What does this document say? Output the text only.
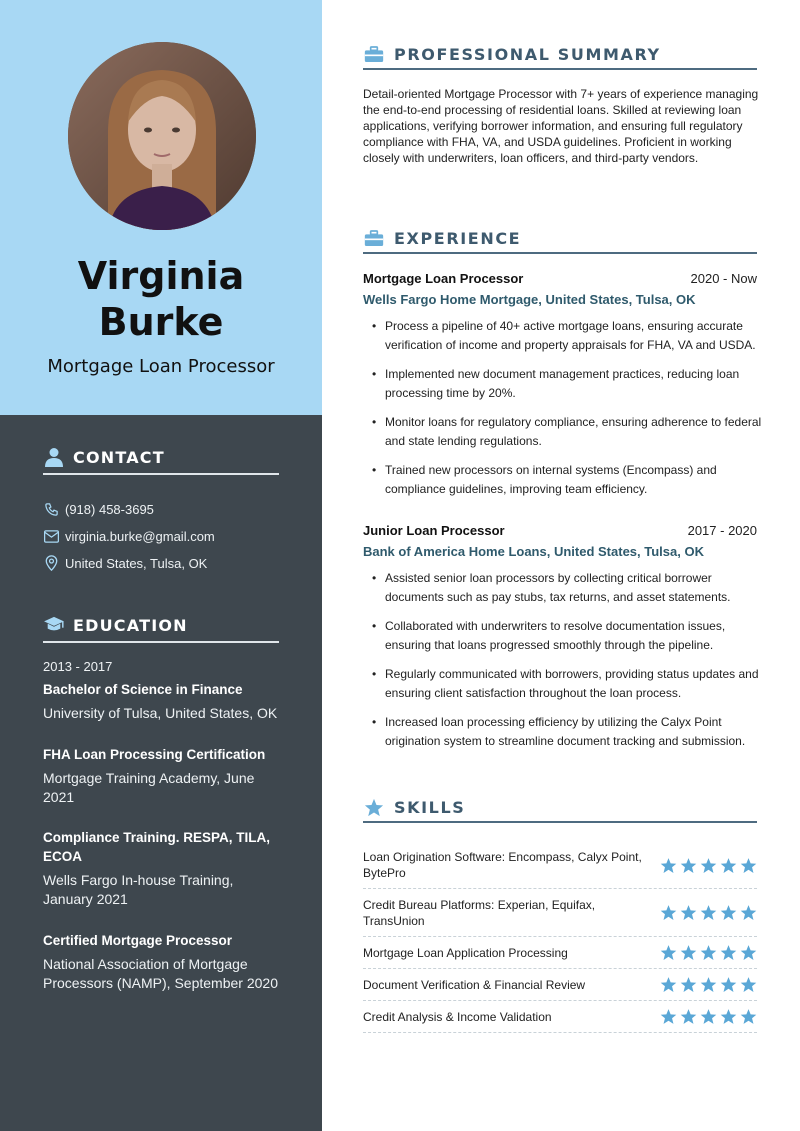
Virginia
Burke
Mortgage Loan Processor
CONTACT
(918) 458-3695
virginia.burke@gmail.com
United States, Tulsa, OK
EDUCATION
2013 - 2017
Bachelor of Science in Finance
University of Tulsa, United States, OK
FHA Loan Processing Certification
Mortgage Training Academy, June 2021
Compliance Training. RESPA, TILA, ECOA
Wells Fargo In-house Training, January 2021
Certified Mortgage Processor
National Association of Mortgage Processors (NAMP), September 2020
PROFESSIONAL SUMMARY
Detail-oriented Mortgage Processor with 7+ years of experience managing the end-to-end processing of residential loans. Skilled at reviewing loan applications, verifying borrower information, and ensuring full regulatory compliance with FHA, VA, and USDA guidelines. Proficient in working closely with underwriters, loan officers, and third-party vendors.
EXPERIENCE
Mortgage Loan Processor	2020 - Now
Wells Fargo Home Mortgage, United States, Tulsa, OK
• Process a pipeline of 40+ active mortgage loans, ensuring accurate verification of income and property appraisals for FHA, VA and USDA.
• Implemented new document management practices, reducing loan processing time by 20%.
• Monitor loans for regulatory compliance, ensuring adherence to federal and state lending regulations.
• Trained new processors on internal systems (Encompass) and compliance guidelines, improving team efficiency.
Junior Loan Processor	2017 - 2020
Bank of America Home Loans, United States, Tulsa, OK
• Assisted senior loan processors by collecting critical borrower documents such as pay stubs, tax returns, and asset statements.
• Collaborated with underwriters to resolve documentation issues, ensuring that loans progressed smoothly through the pipeline.
• Regularly communicated with borrowers, providing status updates and ensuring client satisfaction throughout the loan process.
• Increased loan processing efficiency by utilizing the Calyx Point origination system to streamline document tracking and submission.
SKILLS
Loan Origination Software: Encompass, Calyx Point, BytePro
Credit Bureau Platforms: Experian, Equifax, TransUnion
Mortgage Loan Application Processing
Document Verification & Financial Review
Credit Analysis & Income Validation
